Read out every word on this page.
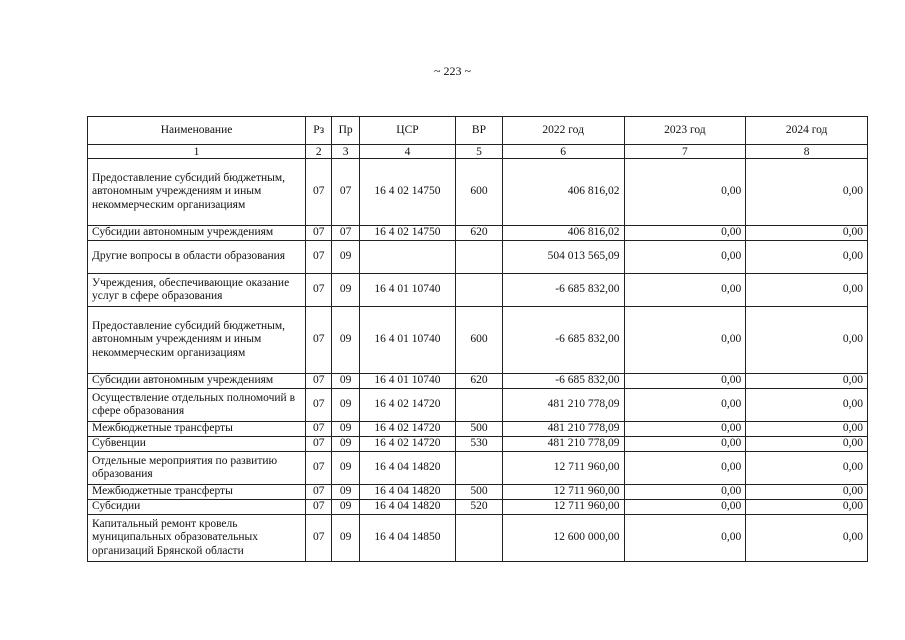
~ 223 ~
Наименование	Рз	Пр	ЦСР	ВР	2022 год	2023 год	2024 год
1	2	3	4	5	6	7	8
Предоставление субсидий бюджетным, автономным учреждениям и иным некоммерческим организациям	07	07	16 4 02 14750	600	406 816,02	0,00	0,00
Субсидии автономным учреждениям	07	07	16 4 02 14750	620	406 816,02	0,00	0,00
Другие вопросы в области образования	07	09			504 013 565,09	0,00	0,00
Учреждения, обеспечивающие оказание услуг в сфере образования	07	09	16 4 01 10740		-6 685 832,00	0,00	0,00
Предоставление субсидий бюджетным, автономным учреждениям и иным некоммерческим организациям	07	09	16 4 01 10740	600	-6 685 832,00	0,00	0,00
Субсидии автономным учреждениям	07	09	16 4 01 10740	620	-6 685 832,00	0,00	0,00
Осуществление отдельных полномочий в сфере образования	07	09	16 4 02 14720		481 210 778,09	0,00	0,00
Межбюджетные трансферты	07	09	16 4 02 14720	500	481 210 778,09	0,00	0,00
Субвенции	07	09	16 4 02 14720	530	481 210 778,09	0,00	0,00
Отдельные мероприятия по развитию образования	07	09	16 4 04 14820		12 711 960,00	0,00	0,00
Межбюджетные трансферты	07	09	16 4 04 14820	500	12 711 960,00	0,00	0,00
Субсидии	07	09	16 4 04 14820	520	12 711 960,00	0,00	0,00
Капитальный ремонт кровель муниципальных образовательных организаций Брянской области	07	09	16 4 04 14850		12 600 000,00	0,00	0,00
